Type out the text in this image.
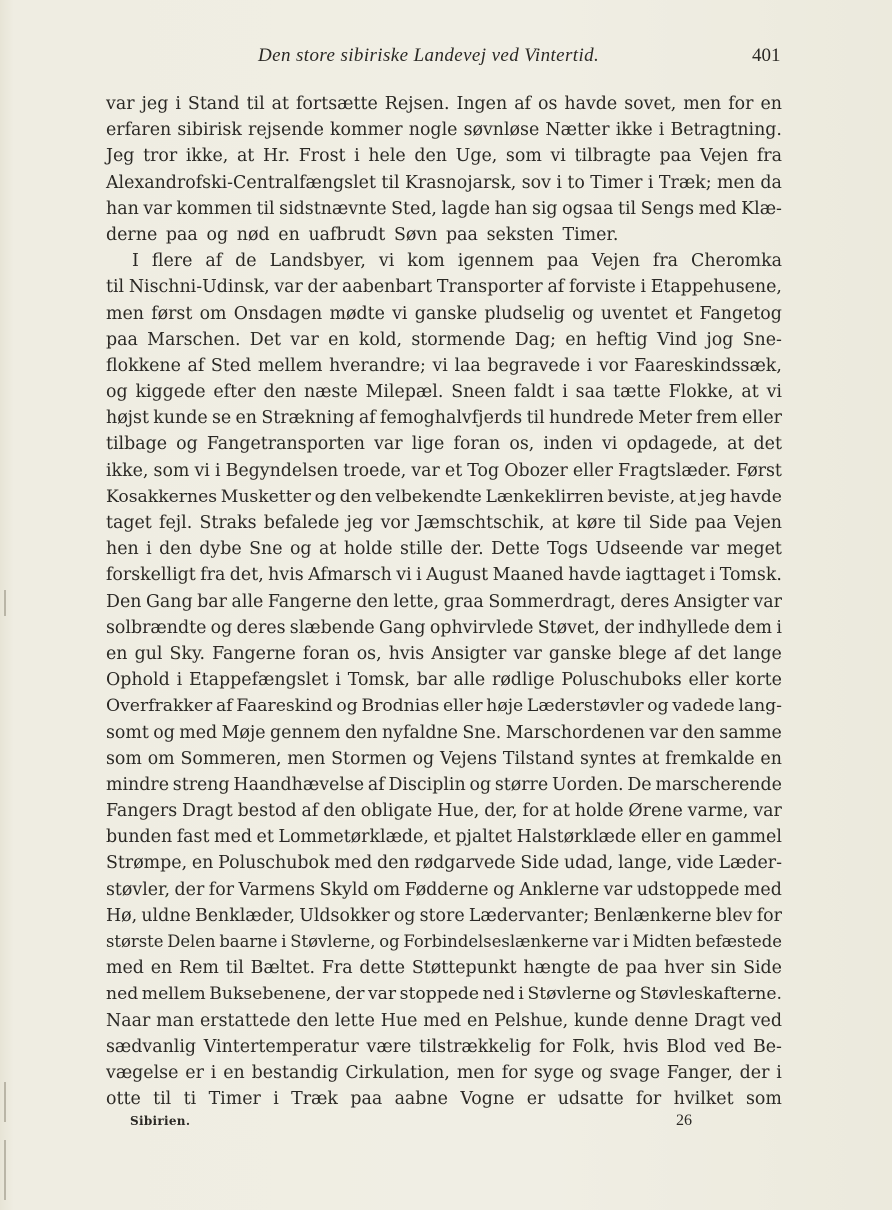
Den store sibiriske Landevej ved Vintertid.	401
var jeg i Stand til at fortsætte Rejsen. Ingen af os havde sovet, men for en
erfaren sibirisk rejsende kommer nogle søvnløse Nætter ikke i Betragtning.
Jeg tror ikke, at Hr. Frost i hele den Uge, som vi tilbragte paa Vejen fra
Alexandrofski-Centralfængslet til Krasnojarsk, sov i to Timer i Træk; men da
han var kommen til sidstnævnte Sted, lagde han sig ogsaa til Sengs med Klæ-
derne paa og nød en uafbrudt Søvn paa seksten Timer.
I flere af de Landsbyer, vi kom igennem paa Vejen fra Cheromka
til Nischni-Udinsk, var der aabenbart Transporter af forviste i Etappehusene,
men først om Onsdagen mødte vi ganske pludselig og uventet et Fangetog
paa Marschen. Det var en kold, stormende Dag; en heftig Vind jog Sne-
flokkene af Sted mellem hverandre; vi laa begravede i vor Faareskindssæk,
og kiggede efter den næste Milepæl. Sneen faldt i saa tætte Flokke, at vi
højst kunde se en Strækning af femoghalvfjerds til hundrede Meter frem eller
tilbage og Fangetransporten var lige foran os, inden vi opdagede, at det
ikke, som vi i Begyndelsen troede, var et Tog Obozer eller Fragtslæder. Først
Kosakkernes Musketter og den velbekendte Lænkeklirren beviste, at jeg havde
taget fejl. Straks befalede jeg vor Jæmschtschik, at køre til Side paa Vejen
hen i den dybe Sne og at holde stille der. Dette Togs Udseende var meget
forskelligt fra det, hvis Afmarsch vi i August Maaned havde iagttaget i Tomsk.
Den Gang bar alle Fangerne den lette, graa Sommerdragt, deres Ansigter var
solbrændte og deres slæbende Gang ophvirvlede Støvet, der indhyllede dem i
en gul Sky. Fangerne foran os, hvis Ansigter var ganske blege af det lange
Ophold i Etappefængslet i Tomsk, bar alle rødlige Poluschuboks eller korte
Overfrakker af Faareskind og Brodnias eller høje Læderstøvler og vadede lang-
somt og med Møje gennem den nyfaldne Sne. Marschordenen var den samme
som om Sommeren, men Stormen og Vejens Tilstand syntes at fremkalde en
mindre streng Haandhævelse af Disciplin og større Uorden. De marscherende
Fangers Dragt bestod af den obligate Hue, der, for at holde Ørene varme, var
bunden fast med et Lommetørklæde, et pjaltet Halstørklæde eller en gammel
Strømpe, en Poluschubok med den rødgarvede Side udad, lange, vide Læder-
støvler, der for Varmens Skyld om Fødderne og Anklerne var udstoppede med
Hø, uldne Benklæder, Uldsokker og store Lædervanter; Benlænkerne blev for
største Delen baarne i Støvlerne, og Forbindelseslænkerne var i Midten befæstede
med en Rem til Bæltet. Fra dette Støttepunkt hængte de paa hver sin Side
ned mellem Buksebenene, der var stoppede ned i Støvlerne og Støvleskafterne.
Naar man erstattede den lette Hue med en Pelshue, kunde denne Dragt ved
sædvanlig Vintertemperatur være tilstrækkelig for Folk, hvis Blod ved Be-
vægelse er i en bestandig Cirkulation, men for syge og svage Fanger, der i
otte til ti Timer i Træk paa aabne Vogne er udsatte for hvilket som
Sibirien.	26
